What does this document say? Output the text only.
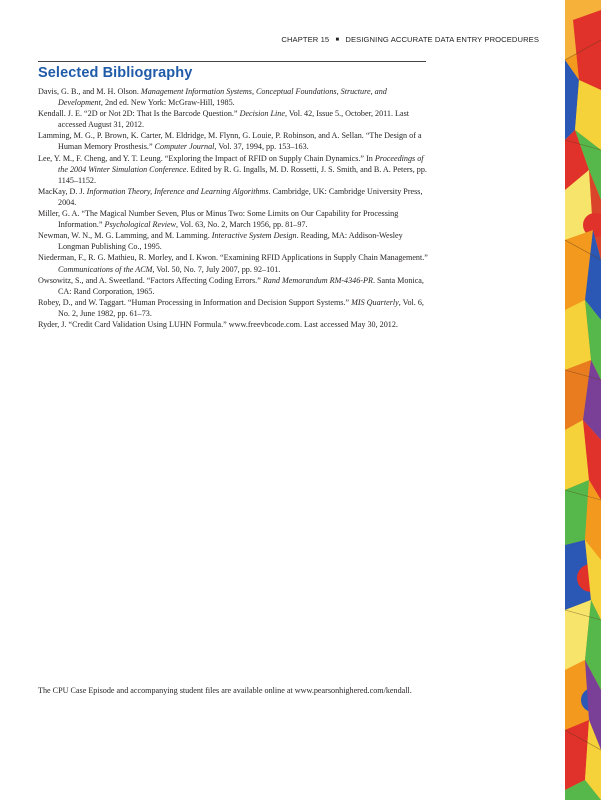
CHAPTER 15 ■ DESIGNING ACCURATE DATA ENTRY PROCEDURES
Selected Bibliography
Davis, G. B., and M. H. Olson. Management Information Systems, Conceptual Foundations, Structure, and Development, 2nd ed. New York: McGraw-Hill, 1985.
Kendall. J. E. “2D or Not 2D: That Is the Barcode Question.” Decision Line, Vol. 42, Issue 5., October, 2011. Last accessed August 31, 2012.
Lamming, M. G., P. Brown, K. Carter, M. Eldridge, M. Flynn, G. Louie, P. Robinson, and A. Sellan. “The Design of a Human Memory Prosthesis.” Computer Journal, Vol. 37, 1994, pp. 153–163.
Lee, Y. M., F. Cheng, and Y. T. Leung. “Exploring the Impact of RFID on Supply Chain Dynamics.” In Proceedings of the 2004 Winter Simulation Conference. Edited by R. G. Ingalls, M. D. Rossetti, J. S. Smith, and B. A. Peters, pp. 1145–1152.
MacKay, D. J. Information Theory, Inference and Learning Algorithms. Cambridge, UK: Cambridge University Press, 2004.
Miller, G. A. “The Magical Number Seven, Plus or Minus Two: Some Limits on Our Capability for Processing Information.” Psychological Review, Vol. 63, No. 2, March 1956, pp. 81–97.
Newman, W. N., M. G. Lamming, and M. Lamming. Interactive System Design. Reading, MA: Addison-Wesley Longman Publishing Co., 1995.
Niederman, F., R. G. Mathieu, R. Morley, and I. Kwon. “Examining RFID Applications in Supply Chain Management.” Communications of the ACM, Vol. 50, No. 7, July 2007, pp. 92–101.
Owsowitz, S., and A. Sweetland. “Factors Affecting Coding Errors.” Rand Memorandum RM-4346-PR. Santa Monica, CA: Rand Corporation, 1965.
Robey, D., and W. Taggart. “Human Processing in Information and Decision Support Systems.” MIS Quarterly, Vol. 6, No. 2, June 1982, pp. 61–73.
Ryder, J. “Credit Card Validation Using LUHN Formula.” www.freevbcode.com. Last accessed May 30, 2012.
The CPU Case Episode and accompanying student files are available online at www.pearsonhighered.com/kendall.
